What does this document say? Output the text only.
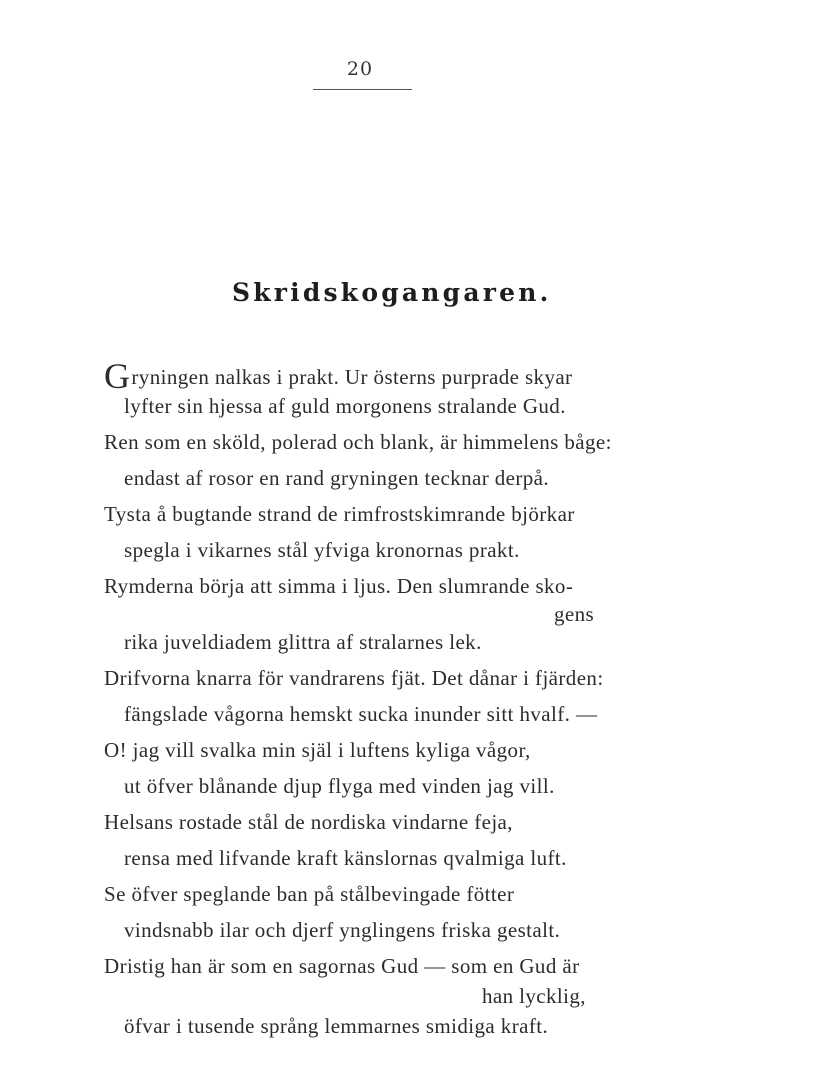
20
Skridskogangaren.
Gryningen nalkas i prakt. Ur österns purprade skyar
lyfter sin hjessa af guld morgonens stralande Gud.
Ren som en sköld, polerad och blank, är himmelens båge:
endast af rosor en rand gryningen tecknar derpå.
Tysta å bugtande strand de rimfrostskimrande björkar
spegla i vikarnes stål yfviga kronornas prakt.
Rymderna börja att simma i ljus. Den slumrande sko-
gens
rika juveldiadem glittra af stralarnes lek.
Drifvorna knarra för vandrarens fjät. Det dånar i fjärden:
fängslade vågorna hemskt sucka inunder sitt hvalf. —
O! jag vill svalka min själ i luftens kyliga vågor,
ut öfver blånande djup flyga med vinden jag vill.
Helsans rostade stål de nordiska vindarne feja,
rensa med lifvande kraft känslornas qvalmiga luft.
Se öfver speglande ban på stålbevingade fötter
vindsnabb ilar och djerf ynglingens friska gestalt.
Dristig han är som en sagornas Gud — som en Gud är
han lycklig,
öfvar i tusende språng lemmarnes smidiga kraft.
